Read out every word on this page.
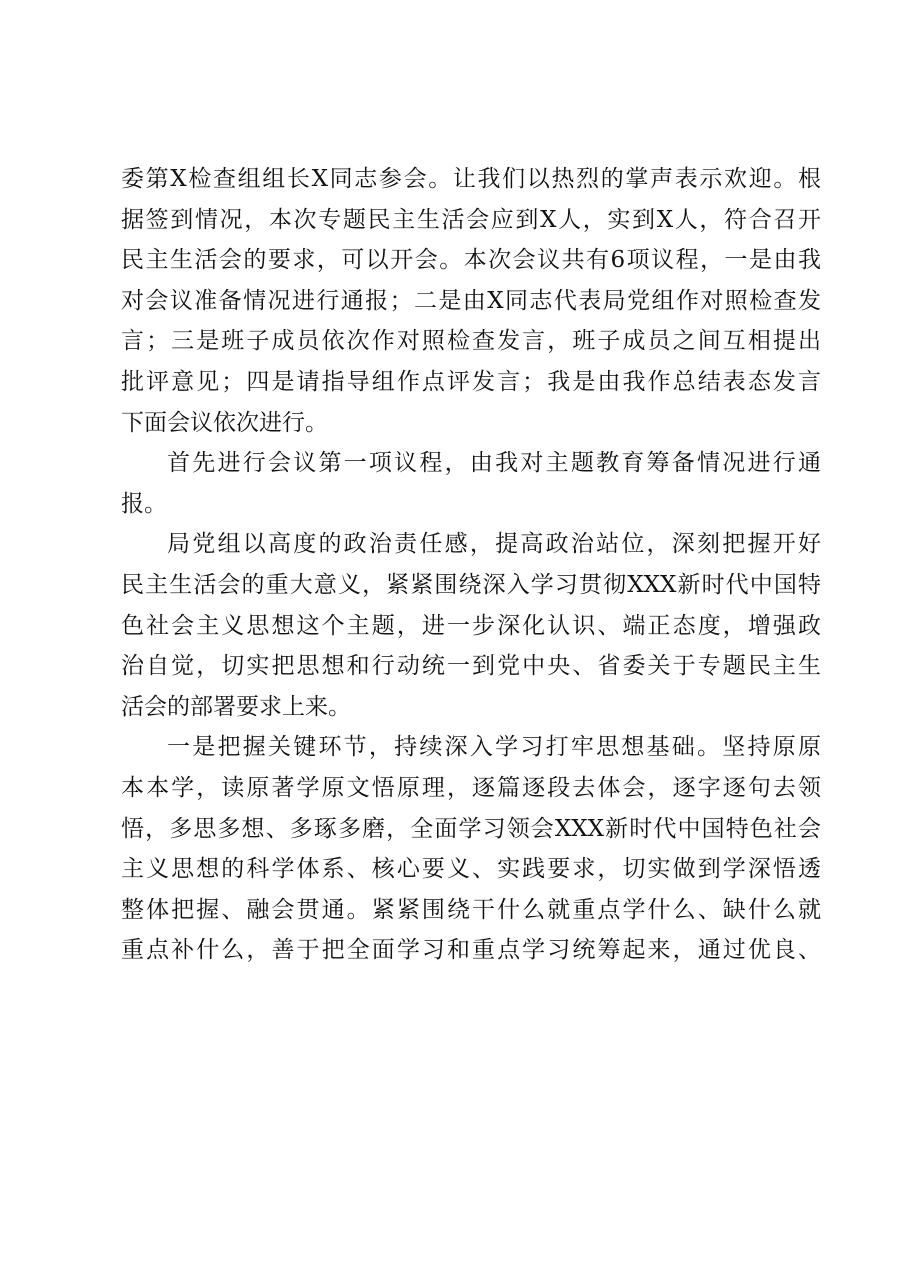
委第X检查组组长X同志参会。让我们以热烈的掌声表示欢迎。根
据签到情况，本次专题民主生活会应到X人，实到X人，符合召开
民主生活会的要求，可以开会。本次会议共有6项议程，一是由我
对会议准备情况进行通报；二是由X同志代表局党组作对照检查发
言；三是班子成员依次作对照检查发言，班子成员之间互相提出
批评意见；四是请指导组作点评发言；我是由我作总结表态发言
下面会议依次进行。
首先进行会议第一项议程，由我对主题教育筹备情况进行通
报。
局党组以高度的政治责任感，提高政治站位，深刻把握开好
民主生活会的重大意义，紧紧围绕深入学习贯彻XXX新时代中国特
色社会主义思想这个主题，进一步深化认识、端正态度，增强政
治自觉，切实把思想和行动统一到党中央、省委关于专题民主生
活会的部署要求上来。
一是把握关键环节，持续深入学习打牢思想基础。坚持原原
本本学，读原著学原文悟原理，逐篇逐段去体会，逐字逐句去领
悟，多思多想、多琢多磨，全面学习领会XXX新时代中国特色社会
主义思想的科学体系、核心要义、实践要求，切实做到学深悟透
整体把握、融会贯通。紧紧围绕干什么就重点学什么、缺什么就
重点补什么，善于把全面学习和重点学习统筹起来，通过优良、
